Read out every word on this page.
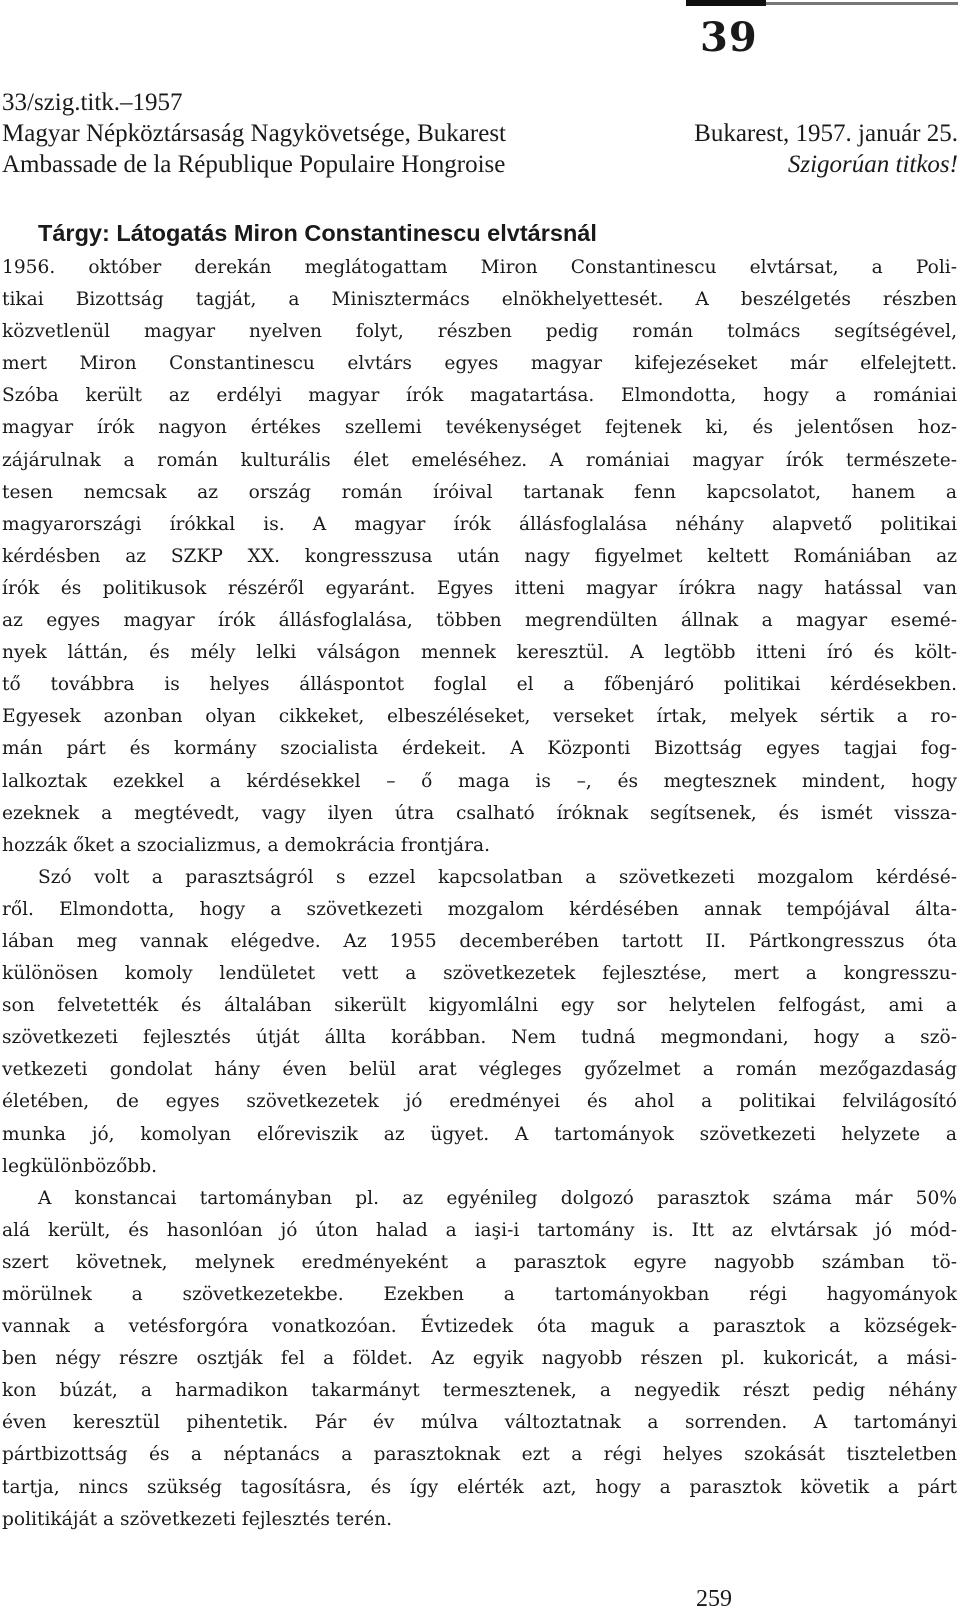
39
33/szig.titk.–1957
Magyar Népköztársaság Nagykövetsége, Bukarest	Bukarest, 1957. január 25.
Ambassade de la République Populaire Hongroise	Szigorúan titkos!
Tárgy: Látogatás Miron Constantinescu elvtársnál
1956. október derekán meglátogattam Miron Constantinescu elvtársat, a Poli-
tikai Bizottság tagját, a Minisztermács elnökhelyettesét. A beszélgetés részben
közvetlenül magyar nyelven folyt, részben pedig román tolmács segítségével,
mert Miron Constantinescu elvtárs egyes magyar kifejezéseket már elfelejtett.
Szóba került az erdélyi magyar írók magatartása. Elmondotta, hogy a romániai
magyar írók nagyon értékes szellemi tevékenységet fejtenek ki, és jelentősen hoz-
zájárulnak a román kulturális élet emeléséhez. A romániai magyar írók természete-
tesen nemcsak az ország román íróival tartanak fenn kapcsolatot, hanem a
magyarországi írókkal is. A magyar írók állásfoglalása néhány alapvető politikai
kérdésben az SZKP XX. kongresszusa után nagy figyelmet keltett Romániában az
írók és politikusok részéről egyaránt. Egyes itteni magyar írókra nagy hatással van
az egyes magyar írók állásfoglalása, többen megrendülten állnak a magyar esemé-
nyek láttán, és mély lelki válságon mennek keresztül. A legtöbb itteni író és költ-
tő továbbra is helyes álláspontot foglal el a főbenjáró politikai kérdésekben.
Egyesek azonban olyan cikkeket, elbeszéléseket, verseket írtak, melyek sértik a ro-
mán párt és kormány szocialista érdekeit. A Központi Bizottság egyes tagjai fog-
lalkoztak ezekkel a kérdésekkel – ő maga is –, és megtesznek mindent, hogy
ezeknek a megtévedt, vagy ilyen útra csalható íróknak segítsenek, és ismét vissza-
hozzák őket a szocializmus, a demokrácia frontjára.
Szó volt a parasztságról s ezzel kapcsolatban a szövetkezeti mozgalom kérdésé-
ről. Elmondotta, hogy a szövetkezeti mozgalom kérdésében annak tempójával álta-
lában meg vannak elégedve. Az 1955 decemberében tartott II. Pártkongresszus óta
különösen komoly lendületet vett a szövetkezetek fejlesztése, mert a kongresszu-
son felvetették és általában sikerült kigyomlálni egy sor helytelen felfogást, ami a
szövetkezeti fejlesztés útját állta korábban. Nem tudná megmondani, hogy a szö-
vetkezeti gondolat hány éven belül arat végleges győzelmet a román mezőgazdaság
életében, de egyes szövetkezetek jó eredményei és ahol a politikai felvilágosító
munka jó, komolyan előreviszik az ügyet. A tartományok szövetkezeti helyzete a
legkülönbözőbb.
A konstancai tartományban pl. az egyénileg dolgozó parasztok száma már 50%
alá került, és hasonlóan jó úton halad a iaşi-i tartomány is. Itt az elvtársak jó mód-
szert követnek, melynek eredményeként a parasztok egyre nagyobb számban tö-
mörülnek a szövetkezetekbe. Ezekben a tartományokban régi hagyományok
vannak a vetésforgóra vonatkozóan. Évtizedek óta maguk a parasztok a községek-
ben négy részre osztják fel a földet. Az egyik nagyobb részen pl. kukoricát, a mási-
kon búzát, a harmadikon takarmányt termesztenek, a negyedik részt pedig néhány
éven keresztül pihentetik. Pár év múlva változtatnak a sorrenden. A tartományi
pártbizottság és a néptanács a parasztoknak ezt a régi helyes szokását tiszteletben
tartja, nincs szükség tagosításra, és így elérték azt, hogy a parasztok követik a párt
politikáját a szövetkezeti fejlesztés terén.
259
